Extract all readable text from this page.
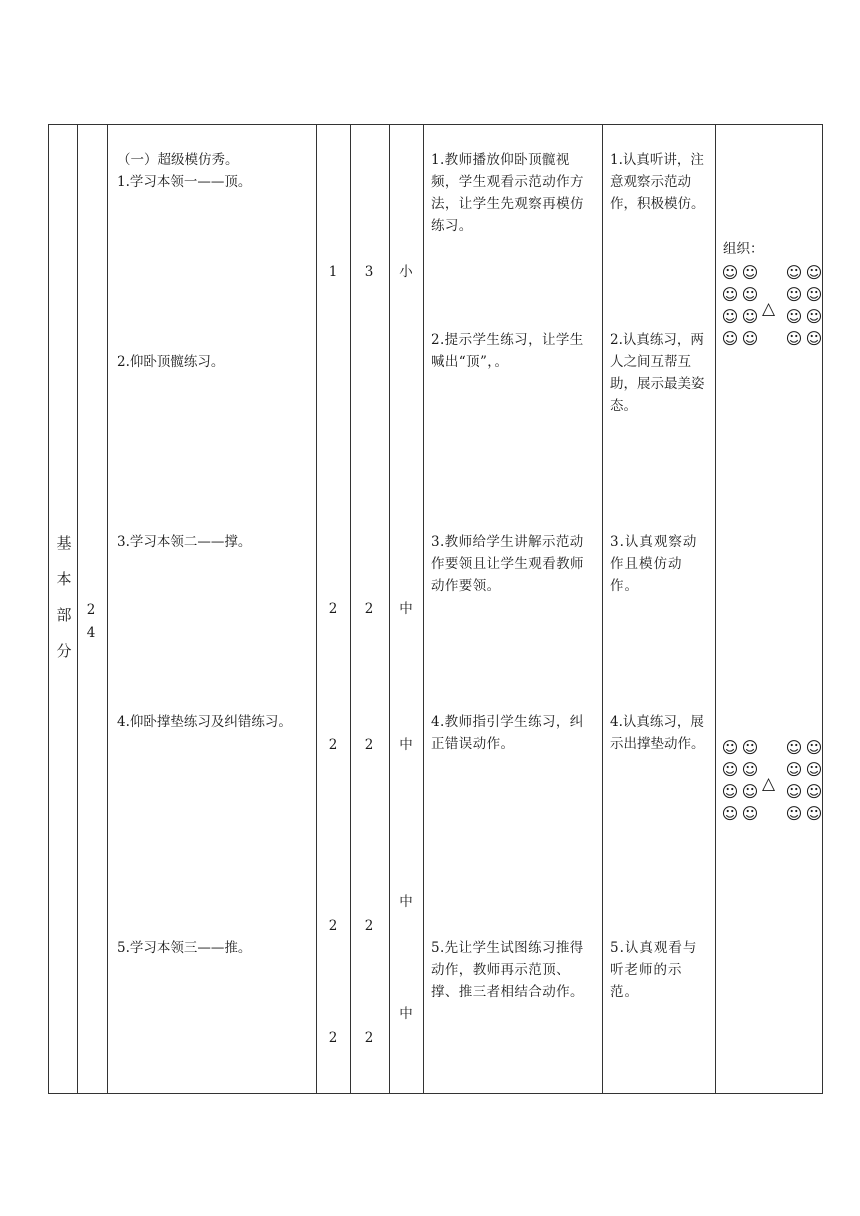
基
本
部
分
2
4
（一）超级模仿秀。
1.学习本领一——顶。
2.仰卧顶髋练习。
3.学习本领二——撑。
4.仰卧撑垫练习及纠错练习。
5.学习本领三——推。
1
2
2
2
2
3
2
2
2
2
小
中
中
中
中
1.教师播放仰卧顶髋视频，学生观看示范动作方法，让学生先观察再模仿练习。
2.提示学生练习，让学生喊出“顶”，。
3.教师给学生讲解示范动作要领且让学生观看教师动作要领。
4.教师指引学生练习，纠正错误动作。
5.先让学生试图练习推得动作，教师再示范顶、撑、推三者相结合动作。
1.认真听讲，注意观察示范动作，积极模仿。
2.认真练习，两人之间互帮互助，展示最美姿态。
3.认真观察动作且模仿动作。
4.认真练习，展示出撑垫动作。
5.认真观看与听老师的示范。
组织：
☺ ☺ ☺ ☺
☺ ☺ ☺ ☺
☺ ☺ ☺ ☺
☺ ☺ ☺ ☺
△
☺ ☺ ☺ ☺
☺ ☺ ☺ ☺
☺ ☺ ☺ ☺
☺ ☺ ☺ ☺
△
